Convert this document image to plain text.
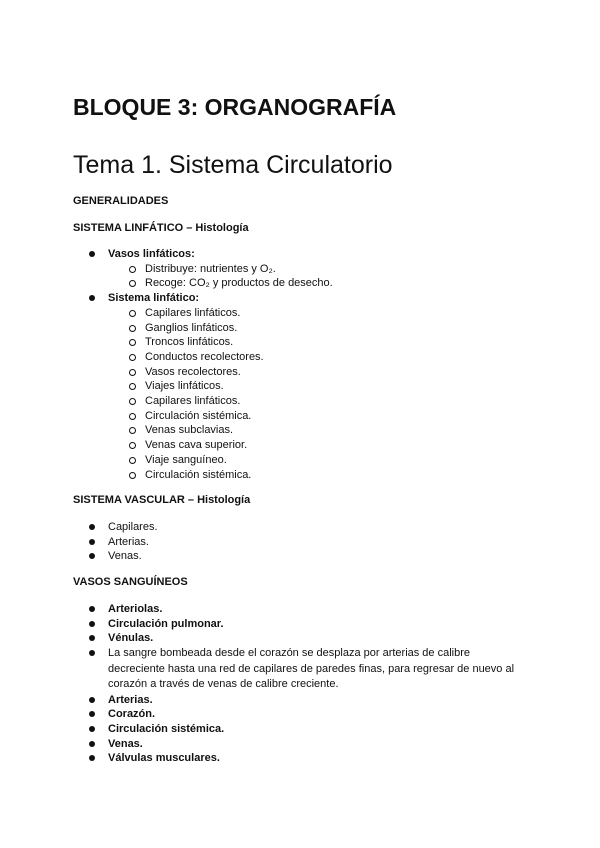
BLOQUE 3: ORGANOGRAFÍA
Tema 1. Sistema Circulatorio

GENERALIDADES

SISTEMA LINFÁTICO – Histología

Vasos linfáticos:
Distribuye: nutrientes y O₂.
Recoge: CO₂ y productos de desecho.
Sistema linfático:
Capilares linfáticos.
Ganglios linfáticos.
Troncos linfáticos.
Conductos recolectores.
Vasos recolectores.
Viajes linfáticos.
Capilares linfáticos.
Circulación sistémica.
Venas subclavias.
Venas cava superior.
Viaje sanguíneo.
Circulación sistémica.

SISTEMA VASCULAR – Histología

Capilares.
Arterias.
Venas.

VASOS SANGUÍNEOS

Arteriolas.
Circulación pulmonar.
Vénulas.
La sangre bombeada desde el corazón se desplaza por arterias de calibre decreciente hasta una red de capilares de paredes finas, para regresar de nuevo al corazón a través de venas de calibre creciente.
Arterias.
Corazón.
Circulación sistémica.
Venas.
Válvulas musculares.
